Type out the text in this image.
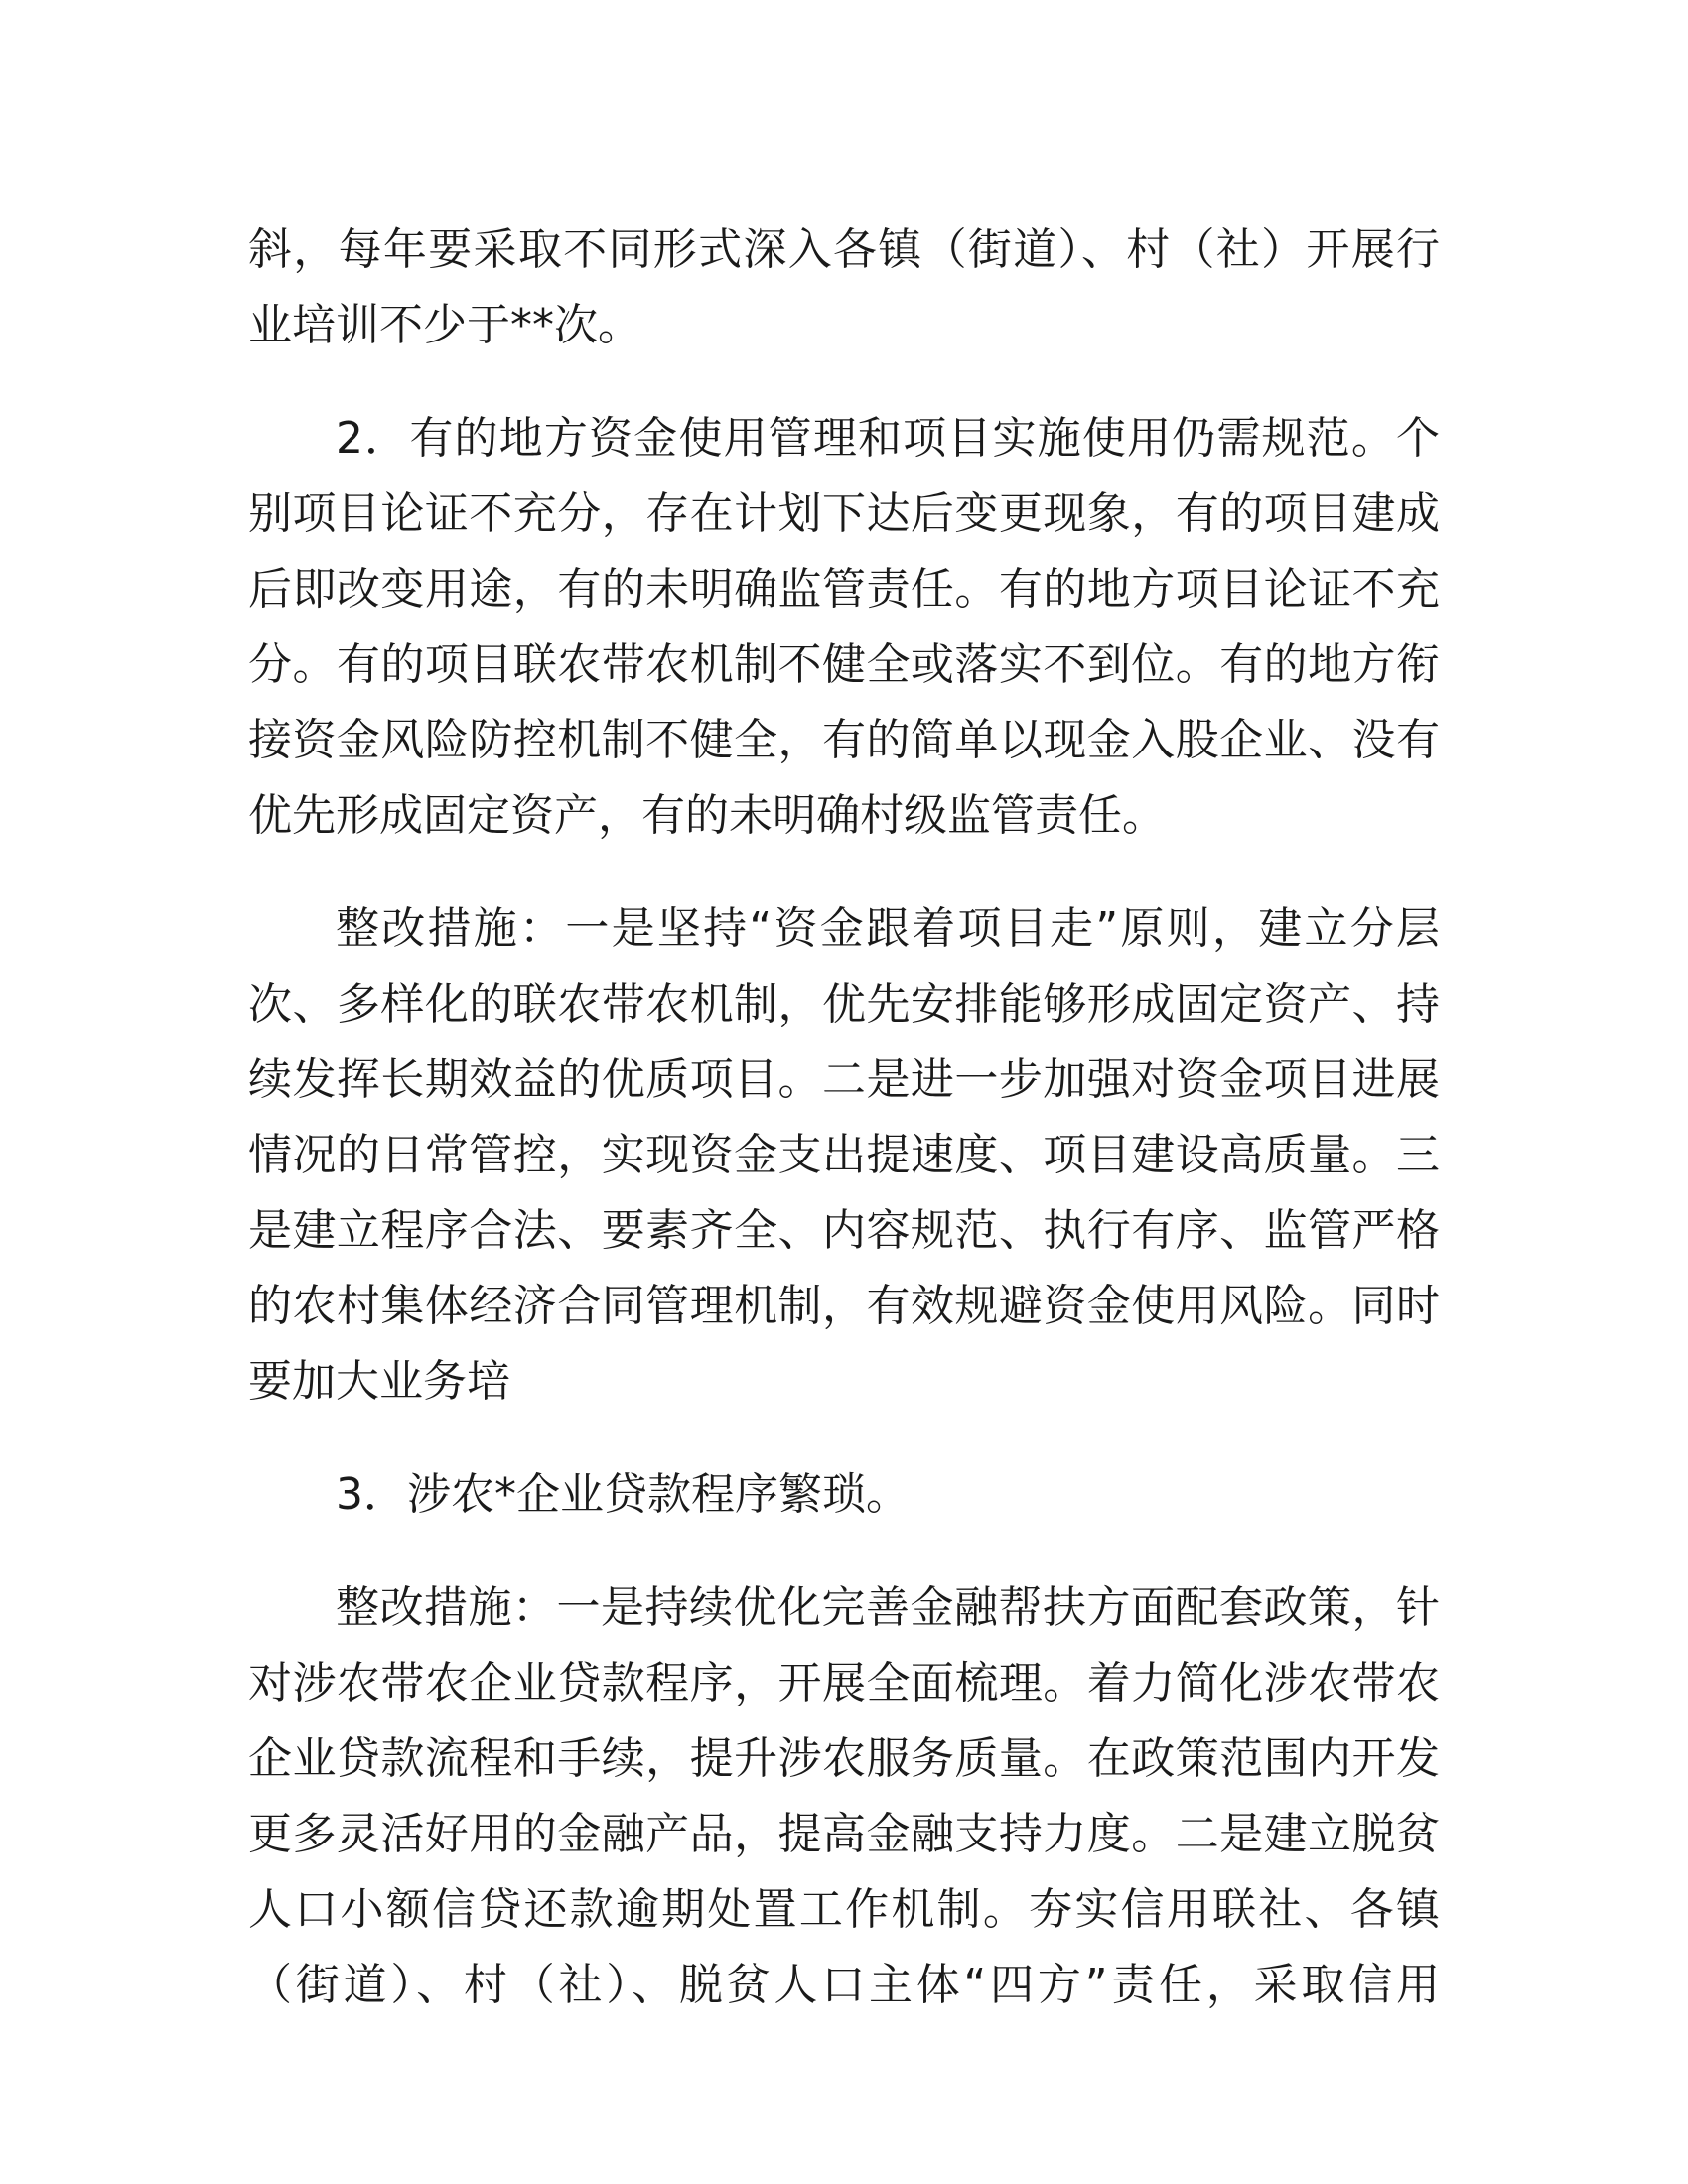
斜，每年要采取不同形式深入各镇（街道）、村（社）开展行
业培训不少于**次。
2．有的地方资金使用管理和项目实施使用仍需规范。个
别项目论证不充分，存在计划下达后变更现象，有的项目建成
后即改变用途，有的未明确监管责任。有的地方项目论证不充
分。有的项目联农带农机制不健全或落实不到位。有的地方衔
接资金风险防控机制不健全，有的简单以现金入股企业、没有
优先形成固定资产，有的未明确村级监管责任。
整改措施：一是坚持“资金跟着项目走”原则，建立分层
次、多样化的联农带农机制，优先安排能够形成固定资产、持
续发挥长期效益的优质项目。二是进一步加强对资金项目进展
情况的日常管控，实现资金支出提速度、项目建设高质量。三
是建立程序合法、要素齐全、内容规范、执行有序、监管严格
的农村集体经济合同管理机制，有效规避资金使用风险。同时
要加大业务培
3．涉农*企业贷款程序繁琐。
整改措施：一是持续优化完善金融帮扶方面配套政策，针
对涉农带农企业贷款程序，开展全面梳理。着力简化涉农带农
企业贷款流程和手续，提升涉农服务质量。在政策范围内开发
更多灵活好用的金融产品，提高金融支持力度。二是建立脱贫
人口小额信贷还款逾期处置工作机制。夯实信用联社、各镇
（街道）、村（社）、脱贫人口主体“四方”责任，采取信用
